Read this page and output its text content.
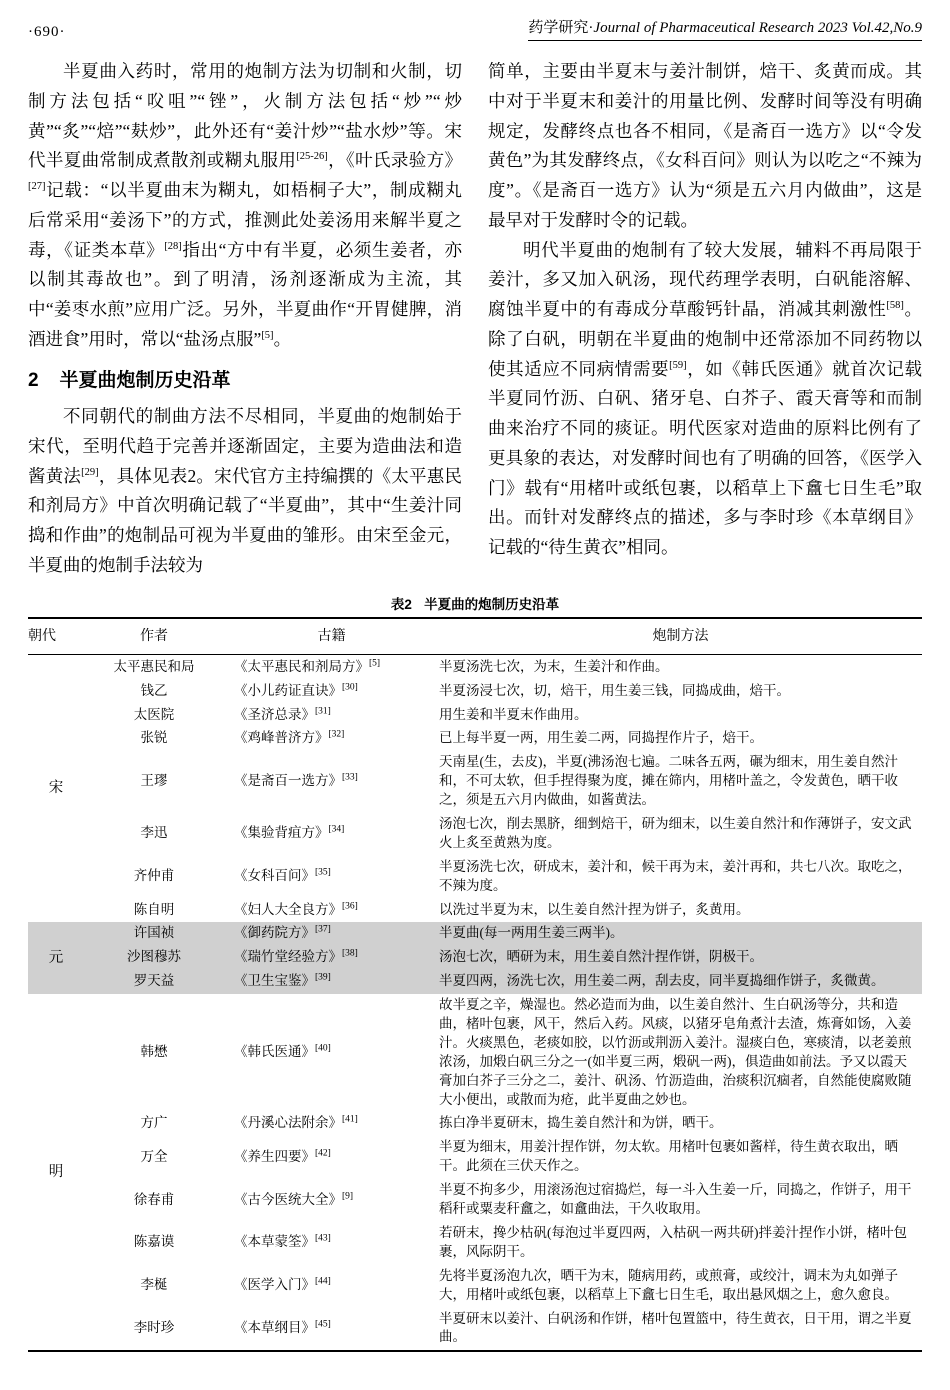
·690·	药学研究·Journal of Pharmaceutical Research 2023 Vol.42,No.9

半夏曲入药时，常用的炮制方法为切制和火制，切制方法包括“㕮咀”“锉”，火制方法包括“炒”“炒黄”“炙”“焙”“麸炒”，此外还有“姜汁炒”“盐水炒”等。宋代半夏曲常制成煮散剂或糊丸服用[25-26]，《叶氏录验方》[27]记载：“以半夏曲末为糊丸，如梧桐子大”，制成糊丸后常采用“姜汤下”的方式，推测此处姜汤用来解半夏之毒，《证类本草》[28]指出“方中有半夏，必须生姜者，亦以制其毒故也”。到了明清，汤剂逐渐成为主流，其中“姜枣水煎”应用广泛。另外，半夏曲作“开胃健脾，消酒进食”用时，常以“盐汤点服”[5]。

2 半夏曲炮制历史沿革

不同朝代的制曲方法不尽相同，半夏曲的炮制始于宋代，至明代趋于完善并逐渐固定，主要为造曲法和造酱黄法[29]，具体见表2。宋代官方主持编撰的《太平惠民和剂局方》中首次明确记载了“半夏曲”，其中“生姜汁同捣和作曲”的炮制品可视为半夏曲的雏形。由宋至金元，半夏曲的炮制手法较为

简单，主要由半夏末与姜汁制饼，焙干、炙黄而成。其中对于半夏末和姜汁的用量比例、发酵时间等没有明确规定，发酵终点也各不相同，《是斋百一选方》以“令发黄色”为其发酵终点，《女科百问》则认为以吃之“不辣为度”。《是斋百一选方》认为“须是五六月内做曲”，这是最早对于发酵时令的记载。

明代半夏曲的炮制有了较大发展，辅料不再局限于姜汁，多又加入矾汤，现代药理学表明，白矾能溶解、腐蚀半夏中的有毒成分草酸钙针晶，消减其刺激性[58]。除了白矾，明朝在半夏曲的炮制中还常添加不同药物以使其适应不同病情需要[59]，如《韩氏医通》就首次记载半夏同竹沥、白矾、猪牙皂、白芥子、霞天膏等和而制曲来治疗不同的痰证。明代医家对造曲的原料比例有了更具象的表达，对发酵时间也有了明确的回答，《医学入门》载有“用楮叶或纸包裹，以稻草上下盫七日生毛”取出。而针对发酵终点的描述，多与李时珍《本草纲目》记载的“待生黄衣”相同。

表2 半夏曲的炮制历史沿革
朝代	作者	古籍	炮制方法
宋	太平惠民和局	《太平惠民和剂局方》[5]	半夏汤洗七次，为末，生姜汁和作曲。
	钱乙	《小儿药证直诀》[30]	半夏汤浸七次，切，焙干，用生姜三钱，同捣成曲，焙干。
	太医院	《圣济总录》[31]	用生姜和半夏末作曲用。
	张锐	《鸡峰普济方》[32]	已上每半夏一两，用生姜二两，同捣捏作片子，焙干。
	王璆	《是斋百一选方》[33]	天南星(生，去皮)，半夏(沸汤泡七遍。二味各五两，碾为细末，用生姜自然汁和，不可太软，但手捏得聚为度，摊在筛内，用楮叶盖之，令发黄色，晒干收之，须是五六月内做曲，如酱黄法。
	李迅	《集验背疽方》[34]	汤泡七次，削去黑脐，细剉焙干，研为细末，以生姜自然汁和作薄饼子，安文武火上炙至黄熟为度。
	齐仲甫	《女科百问》[35]	半夏汤洗七次，研成末，姜汁和，候干再为末，姜汁再和，共七八次。取吃之，不辣为度。
	陈自明	《妇人大全良方》[36]	以洗过半夏为末，以生姜自然汁捏为饼子，炙黄用。
元	许国祯	《御药院方》[37]	半夏曲(每一两用生姜三两半)。
	沙图穆苏	《瑞竹堂经验方》[38]	汤泡七次，晒研为末，用生姜自然汁捏作饼，阴极干。
	罗天益	《卫生宝鉴》[39]	半夏四两，汤洗七次，用生姜二两，刮去皮，同半夏捣细作饼子，炙微黄。
明	韩懋	《韩氏医通》[40]	故半夏之辛，燥湿也。然必造而为曲，以生姜自然汁、生白矾汤等分，共和造曲，楮叶包裹，风干，然后入药。风痰，以猪牙皂角煮汁去渣，炼膏如饧，入姜汁。火痰黑色，老痰如胶，以竹沥或荆沥入姜汁。湿痰白色，寒痰清，以老姜煎浓汤，加煅白矾三分之一(如半夏三两，煅矾一两)，俱造曲如前法。予又以霞天膏加白芥子三分之二，姜汁、矾汤、竹沥造曲，治痰积沉痼者，自然能使腐败随大小便出，或散而为疮，此半夏曲之妙也。
	方广	《丹溪心法附余》[41]	拣白净半夏研末，捣生姜自然汁和为饼，晒干。
	万全	《养生四要》[42]	半夏为细末，用姜汁捏作饼，勿太软。用楮叶包裹如酱样，待生黄衣取出，晒干。此须在三伏天作之。
	徐春甫	《古今医统大全》[9]	半夏不拘多少，用滚汤泡过宿捣烂，每一斗入生姜一斤，同捣之，作饼子，用干稻秆或粟麦秆盫之，如盫曲法，干久收取用。
	陈嘉谟	《本草蒙筌》[43]	若研末，搀少枯矾(每泡过半夏四两，入枯矾一两共研)拌姜汁捏作小饼，楮叶包裹，风际阴干。
	李梴	《医学入门》[44]	先将半夏汤泡九次，晒干为末，随病用药，或煎膏，或绞汁，调末为丸如弹子大，用楮叶或纸包裹，以稻草上下盫七日生毛，取出悬风烟之上，愈久愈良。
	李时珍	《本草纲目》[45]	半夏研末以姜汁、白矾汤和作饼，楮叶包置篮中，待生黄衣，日干用，谓之半夏曲。
